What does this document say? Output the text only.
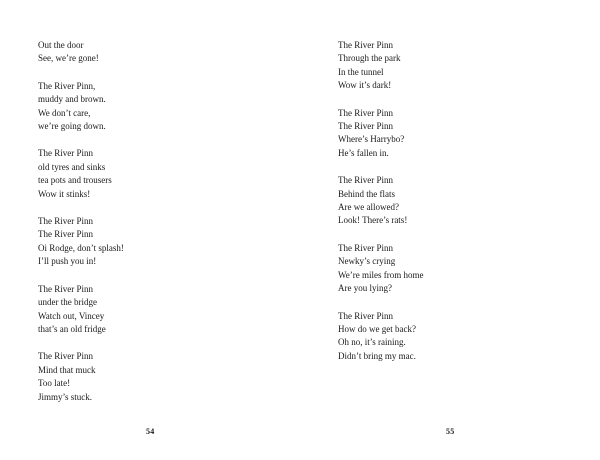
Out the door
See, we’re gone!
The River Pinn,
muddy and brown.
We don’t care,
we’re going down.
The River Pinn
old tyres and sinks
tea pots and trousers
Wow it stinks!
The River Pinn
The River Pinn
Oi Rodge, don’t splash!
I’ll push you in!
The River Pinn
under the bridge
Watch out, Vincey
that’s an old fridge
The River Pinn
Mind that muck
Too late!
Jimmy’s stuck.
54
The River Pinn
Through the park
In the tunnel
Wow it’s dark!
The River Pinn
The River Pinn
Where’s Harrybo?
He’s fallen in.
The River Pinn
Behind the flats
Are we allowed?
Look! There’s rats!
The River Pinn
Newky’s crying
We’re miles from home
Are you lying?
The River Pinn
How do we get back?
Oh no, it’s raining.
Didn’t bring my mac.
55
